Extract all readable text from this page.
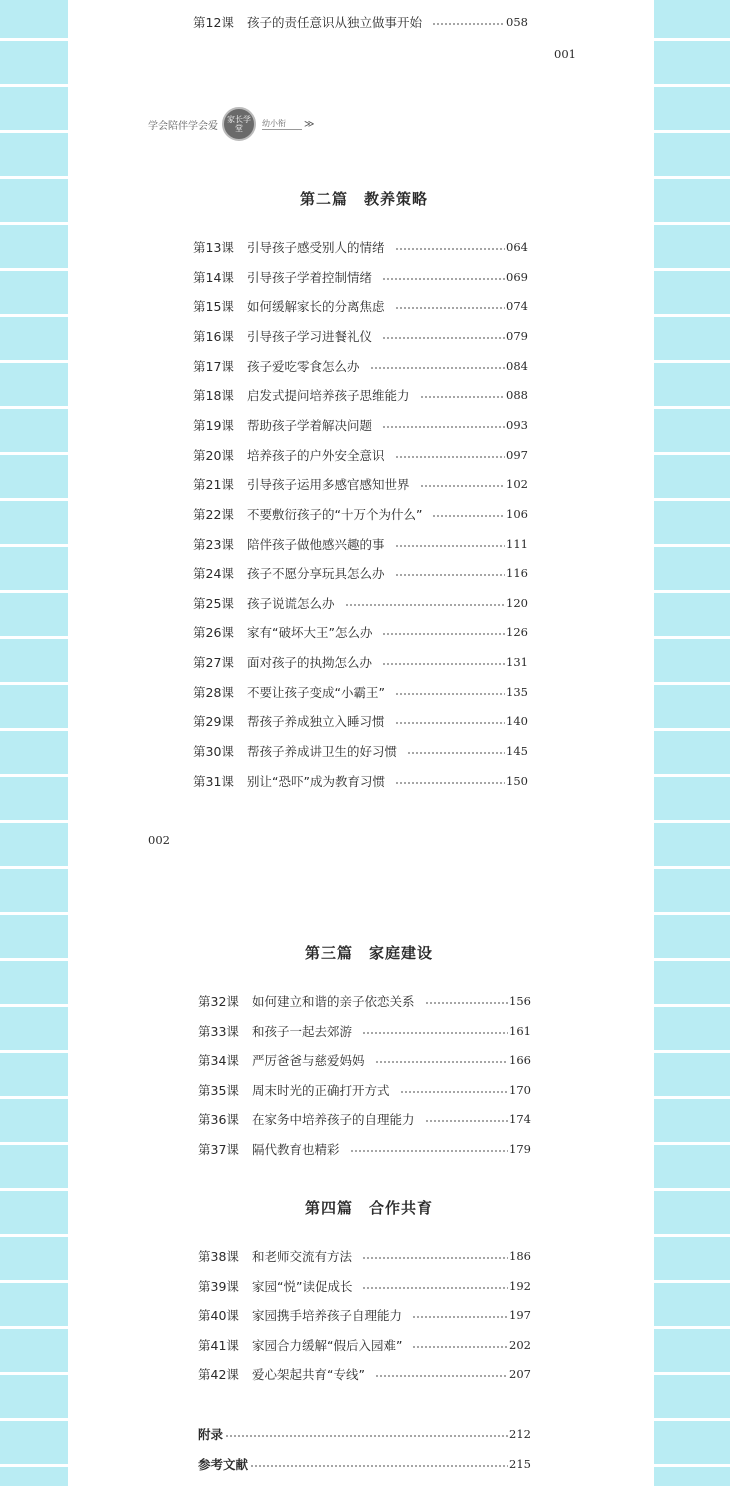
第12课	孩子的责任意识从独立做事开始	058
001
学会陪伴学会爱
家长学堂
幼小衔	≫
第二篇　教养策略
第13课	引导孩子感受别人的情绪	064
第14课	引导孩子学着控制情绪	069
第15课	如何缓解家长的分离焦虑	074
第16课	引导孩子学习进餐礼仪	079
第17课	孩子爱吃零食怎么办	084
第18课	启发式提问培养孩子思维能力	088
第19课	帮助孩子学着解决问题	093
第20课	培养孩子的户外安全意识	097
第21课	引导孩子运用多感官感知世界	102
第22课	不要敷衍孩子的“十万个为什么”	106
第23课	陪伴孩子做他感兴趣的事	111
第24课	孩子不愿分享玩具怎么办	116
第25课	孩子说谎怎么办	120
第26课	家有“破坏大王”怎么办	126
第27课	面对孩子的执拗怎么办	131
第28课	不要让孩子变成“小霸王”	135
第29课	帮孩子养成独立入睡习惯	140
第30课	帮孩子养成讲卫生的好习惯	145
第31课	别让“恐吓”成为教育习惯	150
002
第三篇　家庭建设
第32课	如何建立和谐的亲子依恋关系	156
第33课	和孩子一起去郊游	161
第34课	严厉爸爸与慈爱妈妈	166
第35课	周末时光的正确打开方式	170
第36课	在家务中培养孩子的自理能力	174
第37课	隔代教育也精彩	179
第四篇　合作共育
第38课	和老师交流有方法	186
第39课	家园“悦”读促成长	192
第40课	家园携手培养孩子自理能力	197
第41课	家园合力缓解“假后入园难”	202
第42课	爱心架起共育“专线”	207
附录	212
参考文献	215
